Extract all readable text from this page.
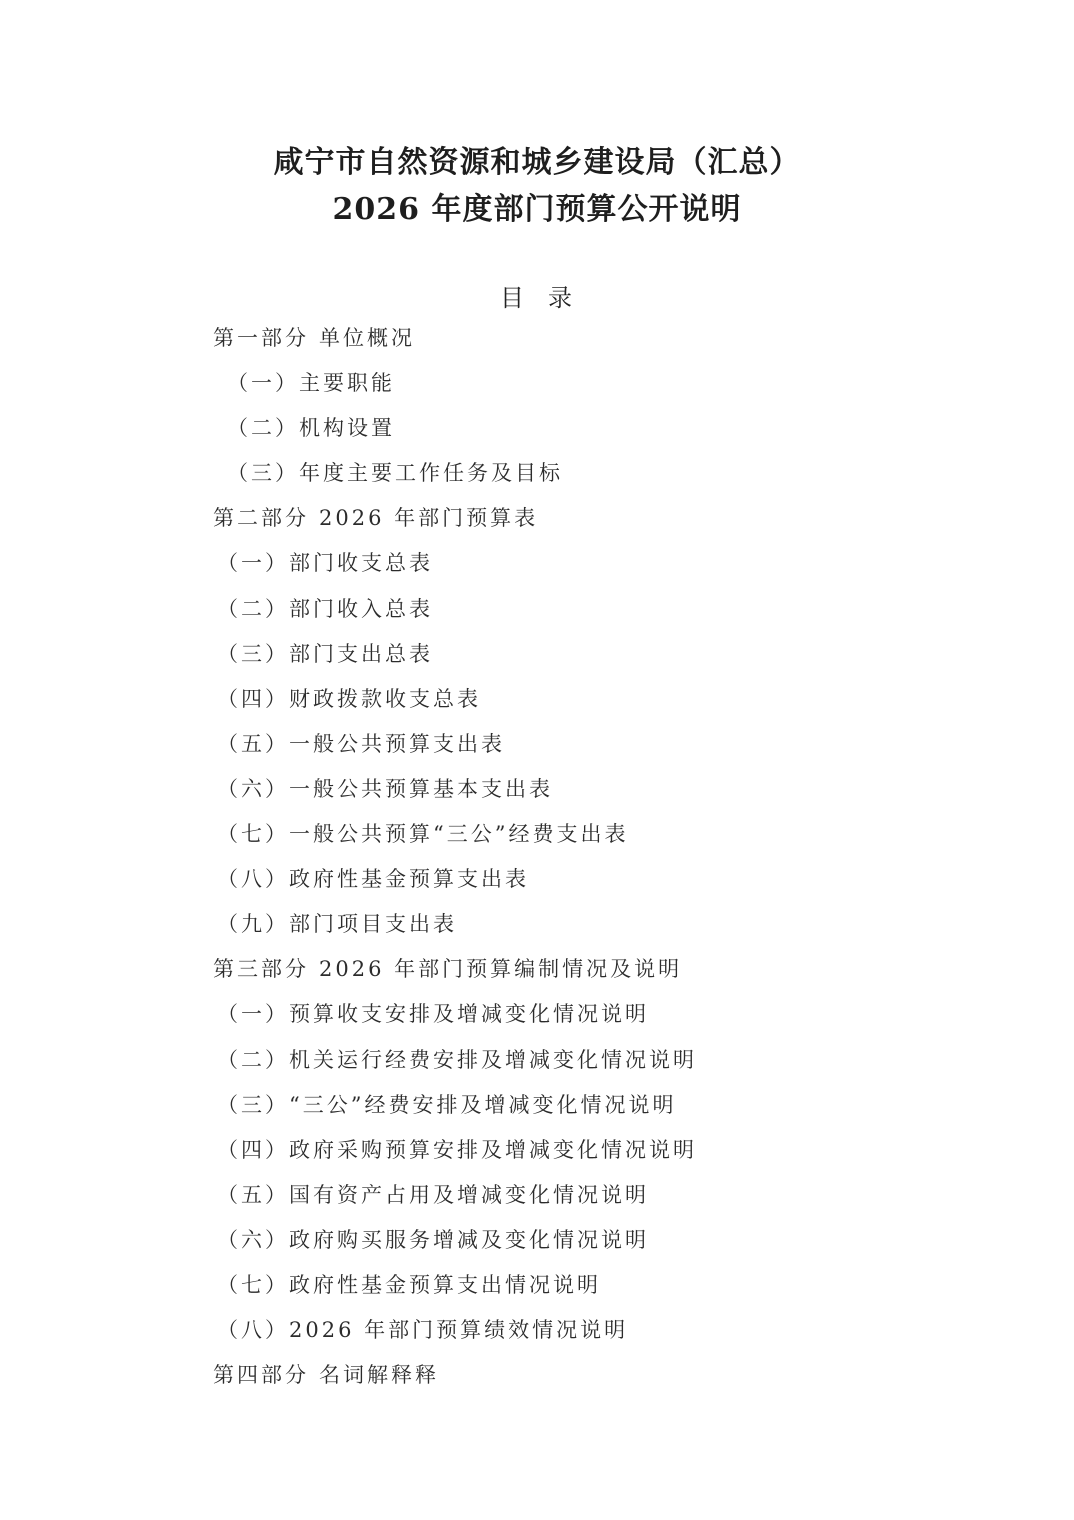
咸宁市自然资源和城乡建设局（汇总）
2026 年度部门预算公开说明
目 录
第一部分 单位概况
（一）主要职能
（二）机构设置
（三）年度主要工作任务及目标
第二部分 2026 年部门预算表
（一）部门收支总表
（二）部门收入总表
（三）部门支出总表
（四）财政拨款收支总表
（五）一般公共预算支出表
（六）一般公共预算基本支出表
（七）一般公共预算“三公”经费支出表
（八）政府性基金预算支出表
（九）部门项目支出表
第三部分 2026 年部门预算编制情况及说明
（一）预算收支安排及增减变化情况说明
（二）机关运行经费安排及增减变化情况说明
（三）“三公”经费安排及增减变化情况说明
（四）政府采购预算安排及增减变化情况说明
（五）国有资产占用及增减变化情况说明
（六）政府购买服务增减及变化情况说明
（七）政府性基金预算支出情况说明
（八）2026 年部门预算绩效情况说明
第四部分 名词解释释
